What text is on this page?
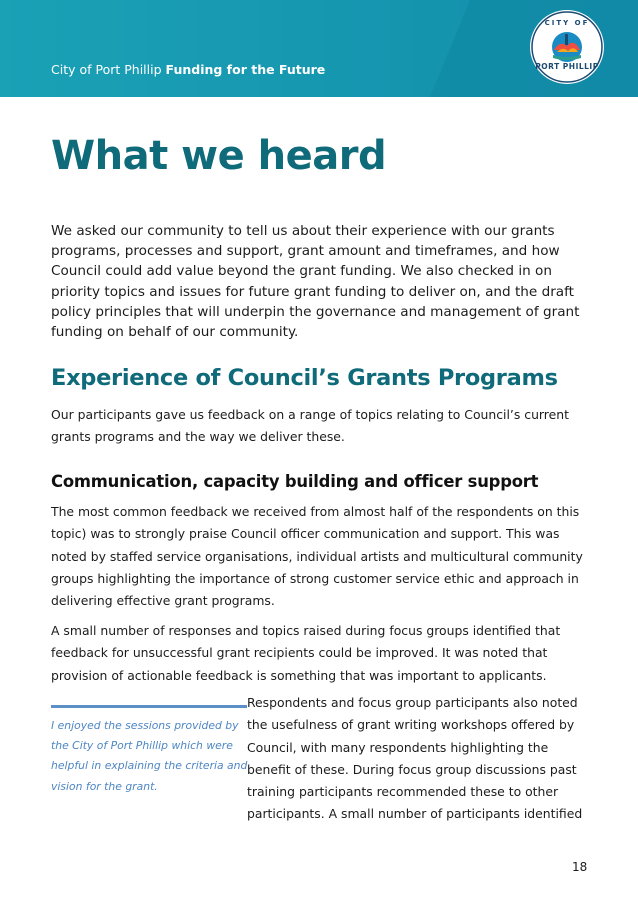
City of Port Phillip Funding for the Future
CITY OF
PORT PHILLIP
What we heard

We asked our community to tell us about their experience with our grants programs, processes and support, grant amount and timeframes, and how Council could add value beyond the grant funding. We also checked in on priority topics and issues for future grant funding to deliver on, and the draft policy principles that will underpin the governance and management of grant funding on behalf of our community.

Experience of Council’s Grants Programs

Our participants gave us feedback on a range of topics relating to Council’s current grants programs and the way we deliver these.

Communication, capacity building and officer support

The most common feedback we received from almost half of the respondents on this topic) was to strongly praise Council officer communication and support. This was noted by staffed service organisations, individual artists and multicultural community groups highlighting the importance of strong customer service ethic and approach in delivering effective grant programs.

A small number of responses and topics raised during focus groups identified that feedback for unsuccessful grant recipients could be improved. It was noted that provision of actionable feedback is something that was important to applicants.

I enjoyed the sessions provided by the City of Port Phillip which were helpful in explaining the criteria and vision for the grant.

Respondents and focus group participants also noted the usefulness of grant writing workshops offered by Council, with many respondents highlighting the benefit of these. During focus group discussions past training participants recommended these to other participants. A small number of participants identified

18
